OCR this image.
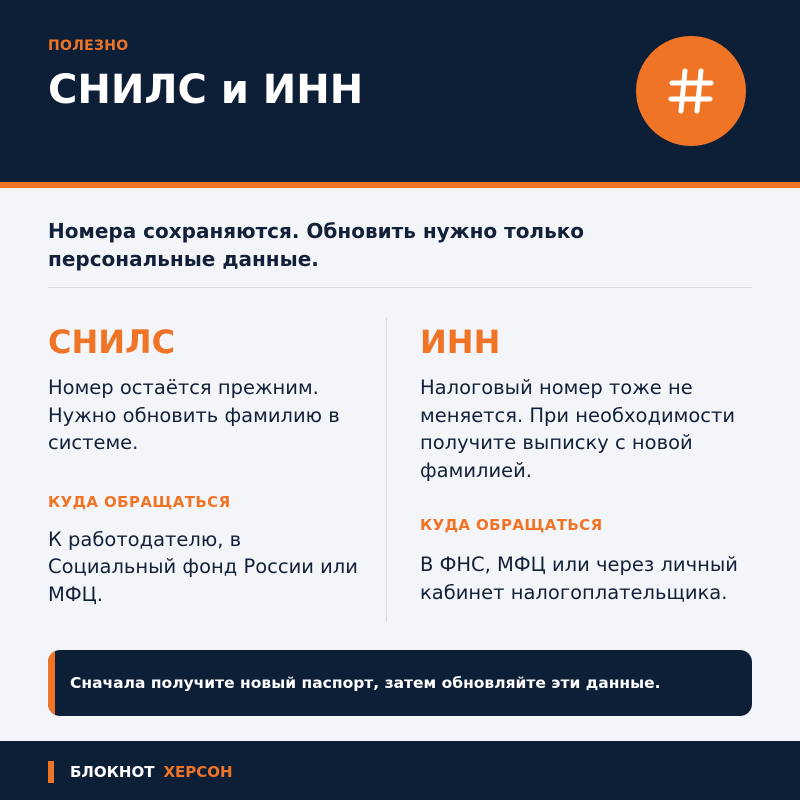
ПОЛЕЗНО
СНИЛС и ИНН
Номера сохраняются. Обновить нужно только персональные данные.
СНИЛС
Номер остаётся прежним. Нужно обновить фамилию в системе.
КУДА ОБРАЩАТЬСЯ
К работодателю, в Социальный фонд России или МФЦ.
ИНН
Налоговый номер тоже не меняется. При необходимости получите выписку с новой фамилией.
КУДА ОБРАЩАТЬСЯ
В ФНС, МФЦ или через личный кабинет налогоплательщика.
Сначала получите новый паспорт, затем обновляйте эти данные.
БЛОКНОТ ХЕРСОН
